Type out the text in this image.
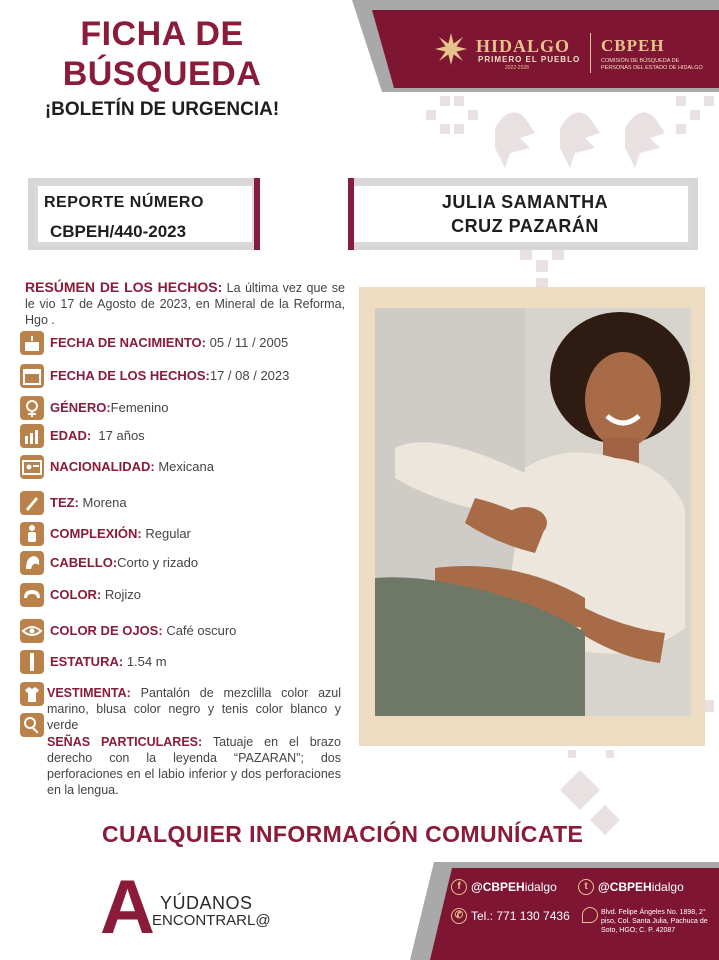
HIDALGO
PRIMERO EL PUEBLO
2022-2028
CBPEH
COMISIÓN DE BÚSQUEDA DE PERSONAS DEL ESTADO DE HIDALGO
FICHA DE
BÚSQUEDA
¡BOLETÍN DE URGENCIA!
REPORTE NÚMERO
CBPEH/440-2023
JULIA SAMANTHA
CRUZ PAZARÁN
RESÚMEN DE LOS HECHOS: La última vez que se le vio 17 de Agosto de 2023, en Mineral de la Reforma, Hgo .
FECHA DE NACIMIENTO: 05 / 11 / 2005
FECHA DE LOS HECHOS:17 / 08 / 2023
GÉNERO:Femenino
EDAD: 17 años
NACIONALIDAD: Mexicana
TEZ: Morena
COMPLEXIÓN: Regular
CABELLO:Corto y rizado
COLOR: Rojizo
COLOR DE OJOS: Café oscuro
ESTATURA: 1.54 m
VESTIMENTA: Pantalón de mezclilla color azul marino, blusa color negro y tenis color blanco y verde
SEÑAS PARTICULARES: Tatuaje en el brazo derecho con la leyenda “PAZARAN”; dos perforaciones en el labio inferior y dos perforaciones en la lengua.
CUALQUIER INFORMACIÓN COMUNÍCATE
A YÚDANOS
ENCONTRARL@
f @CBPEHidalgo	t @CBPEHidalgo
✆ Tel.: 771 130 7436	Blvd. Felipe Ángeles No. 1898, 2° piso, Col. Santa Julia, Pachuca de Soto, HGO; C. P. 42087
